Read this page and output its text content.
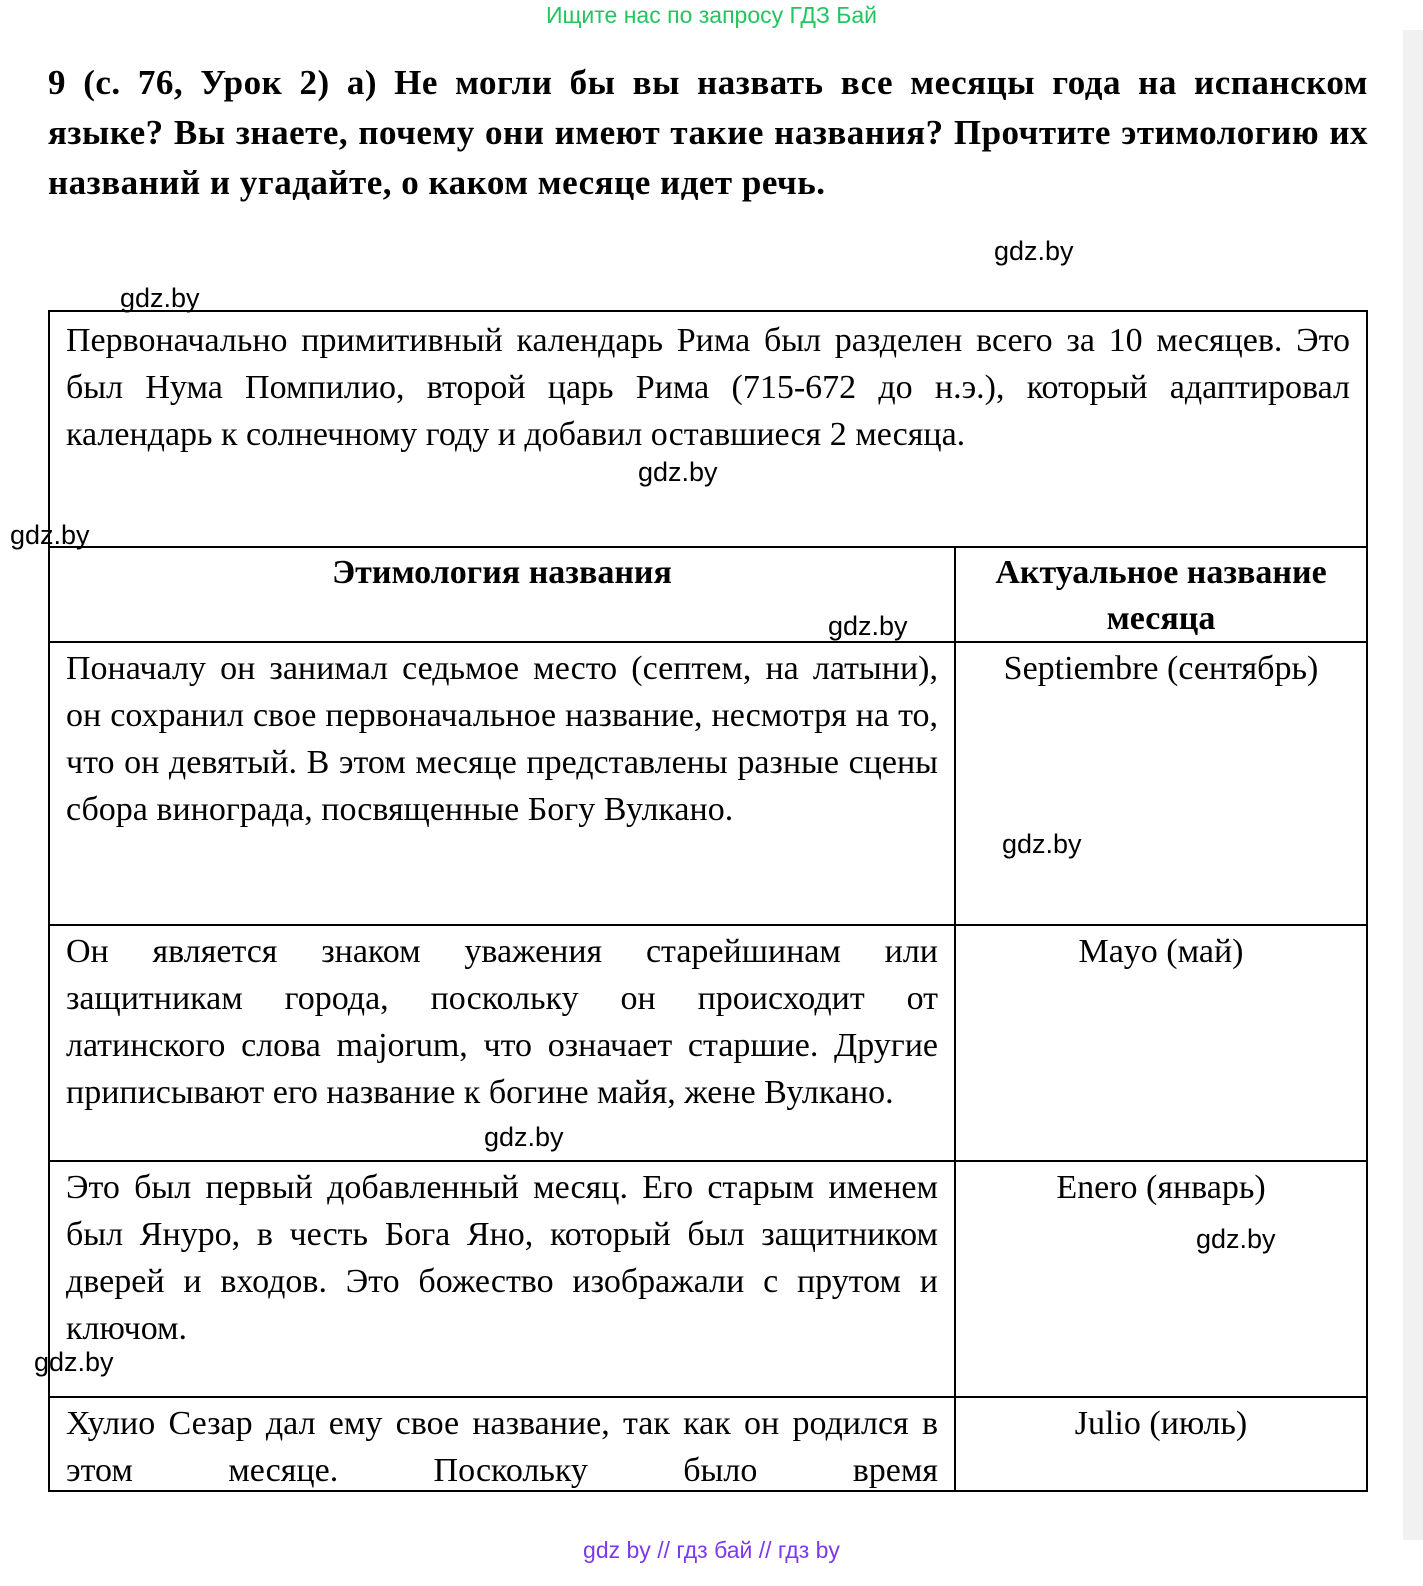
Ищите нас по запросу ГДЗ Бай
9 (с. 76, Урок 2) а) Не могли бы вы назвать все месяцы года на испанском языке? Вы знаете, почему они имеют такие названия? Прочтите этимологию их названий и угадайте, о каком месяце идет речь.
gdz.by
gdz.by
Первоначально примитивный календарь Рима был разделен всего за 10 месяцев. Это был Нума Помпилио, второй царь Рима (715-672 до н.э.), который адаптировал календарь к солнечному году и добавил оставшиеся 2 месяца.
Этимология названия	Актуальное название месяца
Поначалу он занимал седьмое место (септем, на латыни), он сохранил свое первоначальное название, несмотря на то, что он девятый. В этом месяце представлены разные сцены сбора винограда, посвященные Богу Вулкано.
Septiembre (сентябрь)
Он является знаком уважения старейшинам или защитникам города, поскольку он происходит от латинского слова majorum, что означает старшие. Другие приписывают его название к богине майя, жене Вулкано.
Mayo (май)
Это был первый добавленный месяц. Его старым именем был Януро, в честь Бога Яно, который был защитником дверей и входов. Это божество изображали с прутом и ключом.
Enero (январь)
Хулио Сезар дал ему свое название, так как он родился в этом месяце. Поскольку было время
Julio (июль)
gdz.by
gdz.by
gdz.by
gdz.by
gdz.by
gdz.by
gdz.by
gdz by // гдз бай // гдз by
